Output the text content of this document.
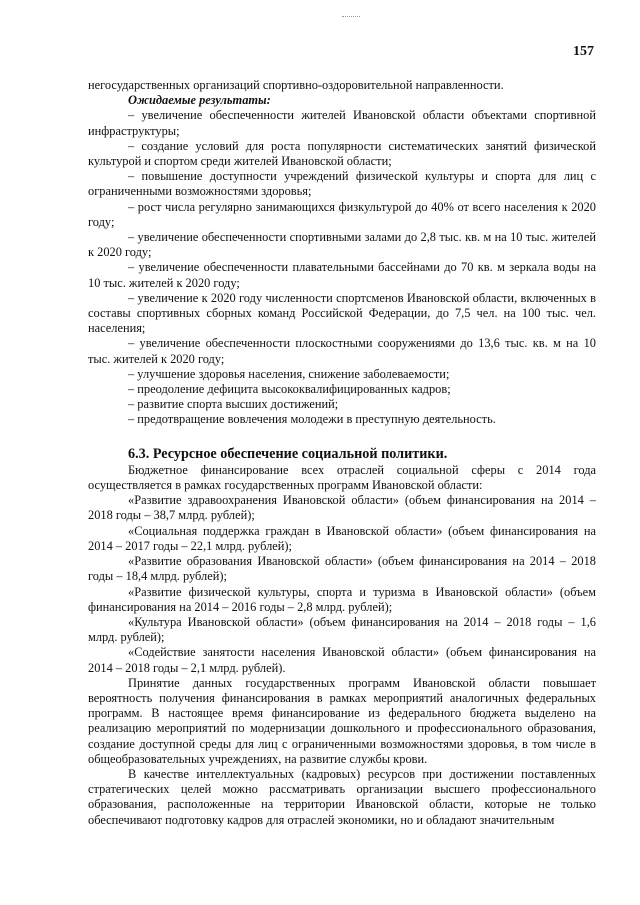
157

негосударственных организаций спортивно-оздоровительной направленности.

Ожидаемые результаты:

– увеличение обеспеченности жителей Ивановской области объектами спортивной инфраструктуры;

– создание условий для роста популярности систематических занятий физической культурой и спортом среди жителей Ивановской области;

– повышение доступности учреждений физической культуры и спорта для лиц с ограниченными возможностями здоровья;

– рост числа регулярно занимающихся физкультурой до 40% от всего населения к 2020 году;

– увеличение обеспеченности спортивными залами до 2,8 тыс. кв. м на 10 тыс. жителей к 2020 году;

– увеличение обеспеченности плавательными бассейнами до 70 кв. м зеркала воды на 10 тыс. жителей к 2020 году;

– увеличение к 2020 году численности спортсменов Ивановской области, включенных в составы спортивных сборных команд Российской Федерации, до 7,5 чел. на 100 тыс. чел. населения;

– увеличение обеспеченности плоскостными сооружениями до 13,6 тыс. кв. м на 10 тыс. жителей к 2020 году;

– улучшение здоровья населения, снижение заболеваемости;

– преодоление дефицита высококвалифицированных кадров;

– развитие спорта высших достижений;

– предотвращение вовлечения молодежи в преступную деятельность.

6.3. Ресурсное обеспечение социальной политики.

Бюджетное финансирование всех отраслей социальной сферы с 2014 года осуществляется в рамках государственных программ Ивановской области:

«Развитие здравоохранения Ивановской области» (объем финансирования на 2014 – 2018 годы – 38,7 млрд. рублей);

«Социальная поддержка граждан в Ивановской области» (объем финансирования на 2014 – 2017 годы – 22,1 млрд. рублей);

«Развитие образования Ивановской области» (объем финансирования на 2014 – 2018 годы – 18,4 млрд. рублей);

«Развитие физической культуры, спорта и туризма в Ивановской области» (объем финансирования на 2014 – 2016 годы – 2,8 млрд. рублей);

«Культура Ивановской области» (объем финансирования на 2014 – 2018 годы – 1,6 млрд. рублей);

«Содействие занятости населения Ивановской области» (объем финансирования на 2014 – 2018 годы – 2,1 млрд. рублей).

Принятие данных государственных программ Ивановской области повышает вероятность получения финансирования в рамках мероприятий аналогичных федеральных программ. В настоящее время финансирование из федерального бюджета выделено на реализацию мероприятий по модернизации дошкольного и профессионального образования, создание доступной среды для лиц с ограниченными возможностями здоровья, в том числе в общеобразовательных учреждениях, на развитие службы крови.

В качестве интеллектуальных (кадровых) ресурсов при достижении поставленных стратегических целей можно рассматривать организации высшего профессионального образования, расположенные на территории Ивановской области, которые не только обеспечивают подготовку кадров для отраслей экономики, но и обладают значительным
